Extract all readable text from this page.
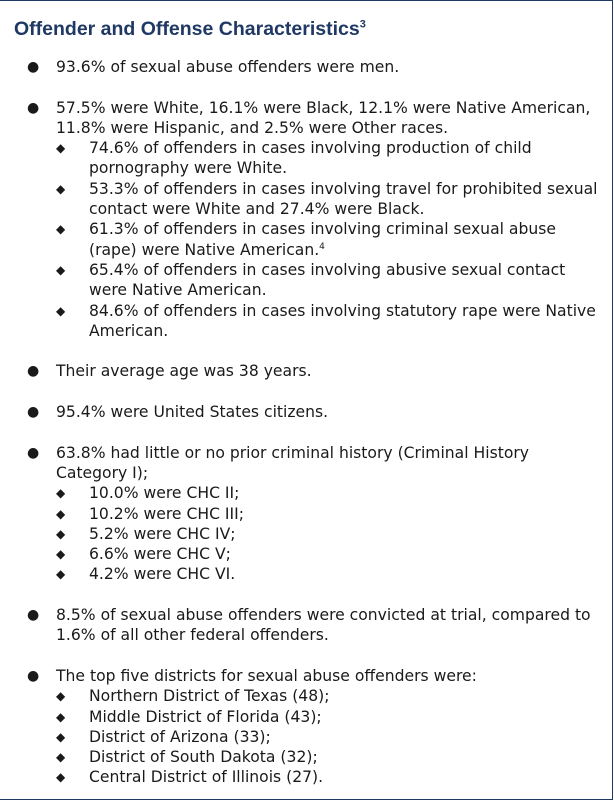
Offender and Offense Characteristics$^3$
● 93.6% of sexual abuse offenders were men.
● 57.5% were White, 16.1% were Black, 12.1% were Native American, 11.8% were Hispanic, and 2.5% were Other races.
◆ 74.6% of offenders in cases involving production of child pornography were White.
◆ 53.3% of offenders in cases involving travel for prohibited sexual contact were White and 27.4% were Black.
◆ 61.3% of offenders in cases involving criminal sexual abuse (rape) were Native American.$^4$
◆ 65.4% of offenders in cases involving abusive sexual contact were Native American.
◆ 84.6% of offenders in cases involving statutory rape were Native American.
● Their average age was 38 years.
● 95.4% were United States citizens.
● 63.8% had little or no prior criminal history (Criminal History Category I);
◆ 10.0% were CHC II;
◆ 10.2% were CHC III;
◆ 5.2% were CHC IV;
◆ 6.6% were CHC V;
◆ 4.2% were CHC VI.
● 8.5% of sexual abuse offenders were convicted at trial, compared to 1.6% of all other federal offenders.
● The top five districts for sexual abuse offenders were:
◆ Northern District of Texas (48);
◆ Middle District of Florida (43);
◆ District of Arizona (33);
◆ District of South Dakota (32);
◆ Central District of Illinois (27).
